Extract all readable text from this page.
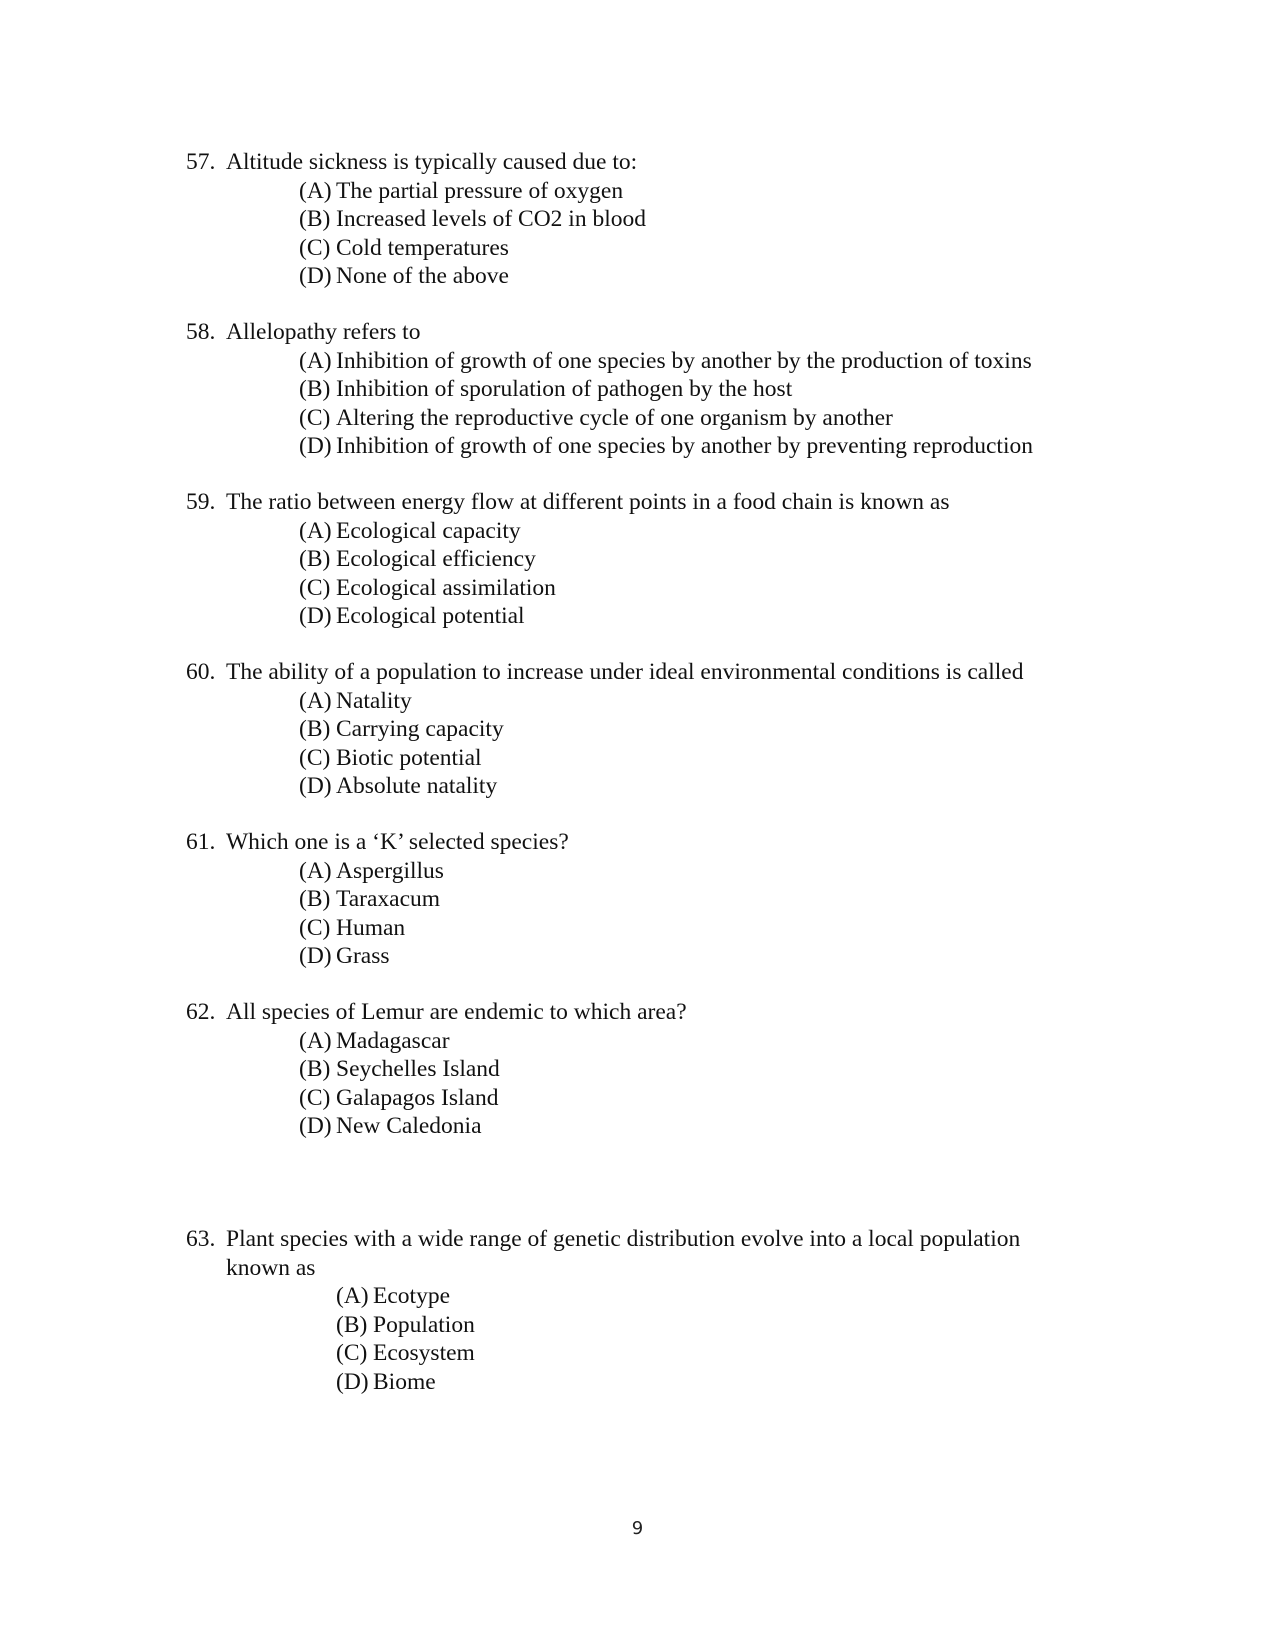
57. Altitude sickness is typically caused due to:
(A) The partial pressure of oxygen
(B) Increased levels of CO2 in blood
(C) Cold temperatures
(D) None of the above
58. Allelopathy refers to
(A) Inhibition of growth of one species by another by the production of toxins
(B) Inhibition of sporulation of pathogen by the host
(C) Altering the reproductive cycle of one organism by another
(D) Inhibition of growth of one species by another by preventing reproduction
59. The ratio between energy flow at different points in a food chain is known as
(A) Ecological capacity
(B) Ecological efficiency
(C) Ecological assimilation
(D) Ecological potential
60. The ability of a population to increase under ideal environmental conditions is called
(A) Natality
(B) Carrying capacity
(C) Biotic potential
(D) Absolute natality
61. Which one is a ‘K’ selected species?
(A) Aspergillus
(B) Taraxacum
(C) Human
(D) Grass
62. All species of Lemur are endemic to which area?
(A) Madagascar
(B) Seychelles Island
(C) Galapagos Island
(D) New Caledonia
63. Plant species with a wide range of genetic distribution evolve into a local population known as
(A) Ecotype
(B) Population
(C) Ecosystem
(D) Biome
9
